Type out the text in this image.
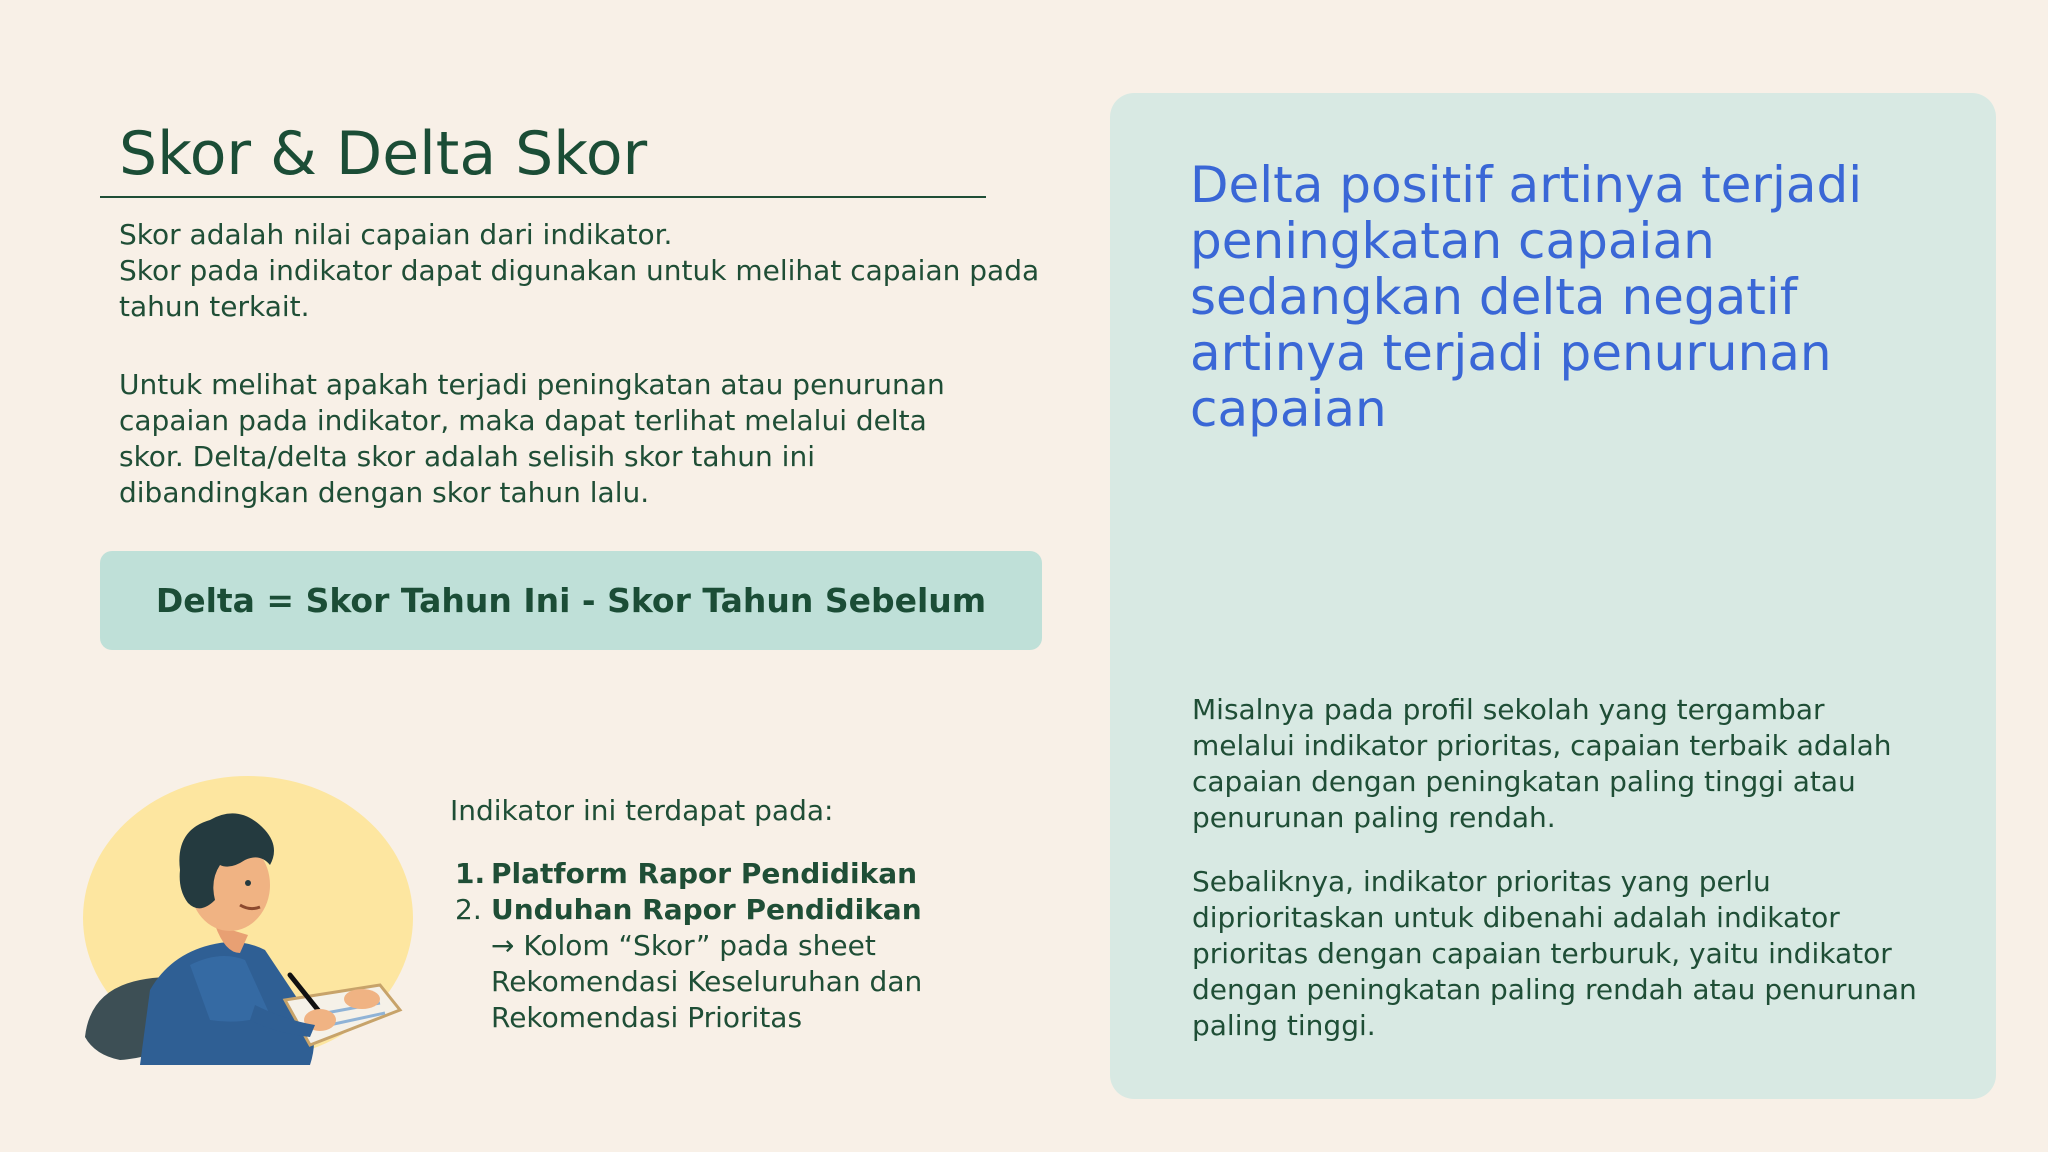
Skor & Delta Skor
Skor adalah nilai capaian dari indikator.
Skor pada indikator dapat digunakan untuk melihat capaian pada
tahun terkait.
Untuk melihat apakah terjadi peningkatan atau penurunan
capaian pada indikator, maka dapat terlihat melalui delta
skor. Delta/delta skor adalah selisih skor tahun ini
dibandingkan dengan skor tahun lalu.
Delta = Skor Tahun Ini - Skor Tahun Sebelum
Indikator ini terdapat pada:
1. Platform Rapor Pendidikan
2. Unduhan Rapor Pendidikan
→ Kolom “Skor” pada sheet
Rekomendasi Keseluruhan dan
Rekomendasi Prioritas
Delta positif artinya terjadi
peningkatan capaian
sedangkan delta negatif
artinya terjadi penurunan
capaian
Misalnya pada profil sekolah yang tergambar
melalui indikator prioritas, capaian terbaik adalah
capaian dengan peningkatan paling tinggi atau
penurunan paling rendah.
Sebaliknya, indikator prioritas yang perlu
diprioritaskan untuk dibenahi adalah indikator
prioritas dengan capaian terburuk, yaitu indikator
dengan peningkatan paling rendah atau penurunan
paling tinggi.
